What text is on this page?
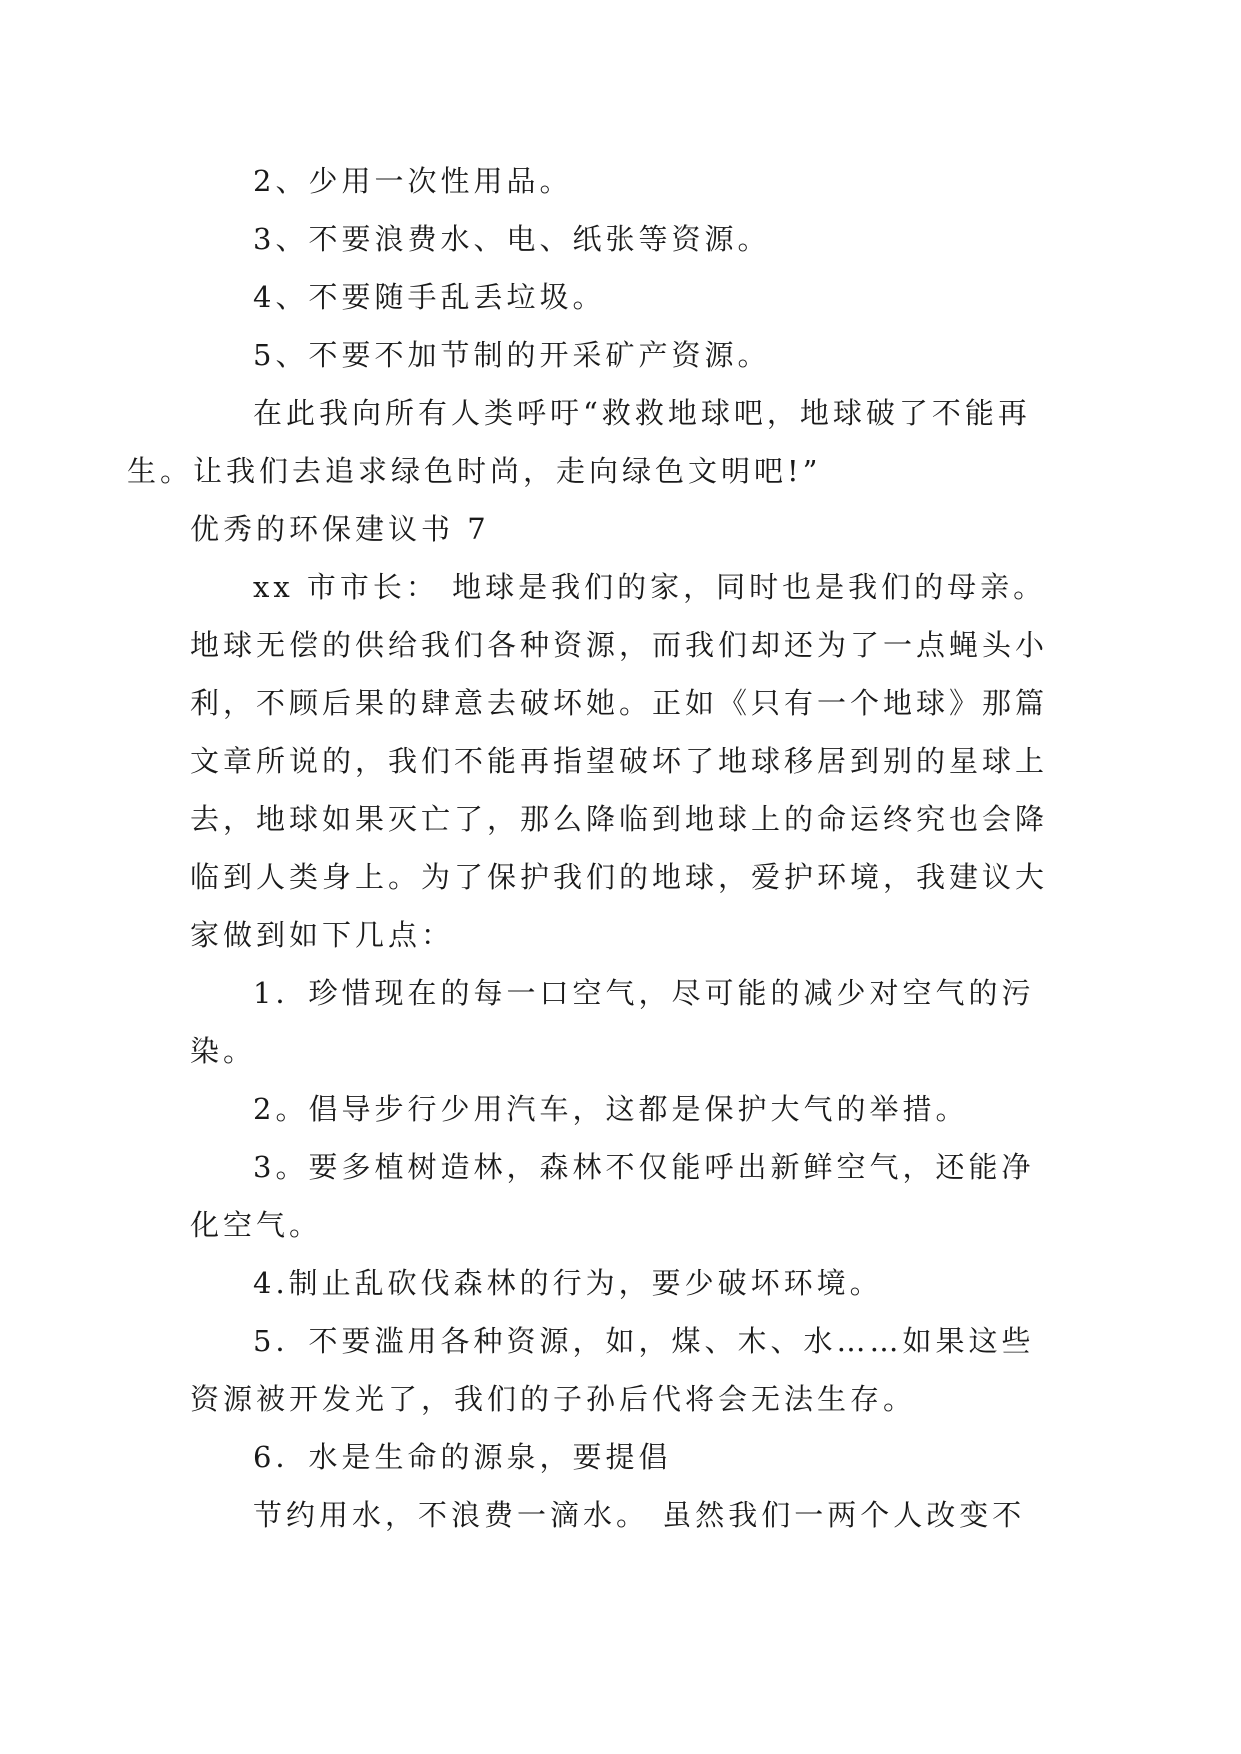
2、少用一次性用品。

3、不要浪费水、电、纸张等资源。

4、不要随手乱丢垃圾。

5、不要不加节制的开采矿产资源。

在此我向所有人类呼吁“救救地球吧，地球破了不能再
生。让我们去追求绿色时尚，走向绿色文明吧!”

优秀的环保建议书 7

xx 市市长： 地球是我们的家，同时也是我们的母亲。
地球无偿的供给我们各种资源，而我们却还为了一点蝇头小
利，不顾后果的肆意去破坏她。正如《只有一个地球》那篇
文章所说的，我们不能再指望破坏了地球移居到别的星球上
去，地球如果灭亡了，那么降临到地球上的命运终究也会降
临到人类身上。为了保护我们的地球，爱护环境，我建议大
家做到如下几点：

1．珍惜现在的每一口空气，尽可能的减少对空气的污
染。

2。倡导步行少用汽车，这都是保护大气的举措。

3。要多植树造林，森林不仅能呼出新鲜空气，还能净
化空气。

4.制止乱砍伐森林的行为，要少破坏环境。

5．不要滥用各种资源，如，煤、木、水……如果这些
资源被开发光了，我们的子孙后代将会无法生存。

6．水是生命的源泉，要提倡

节约用水，不浪费一滴水。 虽然我们一两个人改变不
